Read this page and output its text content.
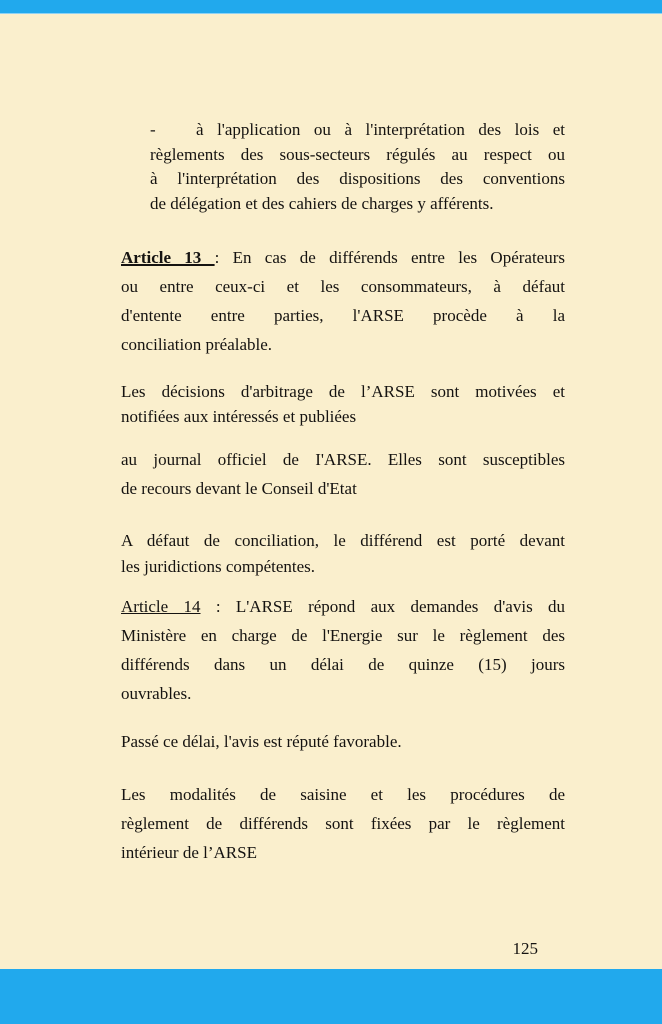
- à l'application ou à l'interprétation des lois et
règlements des sous-secteurs régulés au respect ou
à l'interprétation des dispositions des conventions
de délégation et des cahiers de charges y afférents.
Article 13 : En cas de différends entre les Opérateurs
ou entre ceux-ci et les consommateurs, à défaut
d'entente entre parties, l'ARSE procède à la
conciliation préalable.
Les décisions d'arbitrage de l’ARSE sont motivées et
notifiées aux intéressés et publiées
au journal officiel de I'ARSE. Elles sont susceptibles
de recours devant le Conseil d'Etat
A défaut de conciliation, le différend est porté devant
les juridictions compétentes.
Article 14 : L'ARSE répond aux demandes d'avis du
Ministère en charge de l'Energie sur le règlement des
différends dans un délai de quinze (15) jours
ouvrables.
Passé ce délai, l'avis est réputé favorable.
Les modalités de saisine et les procédures de
règlement de différends sont fixées par le règlement
intérieur de l’ARSE
125
